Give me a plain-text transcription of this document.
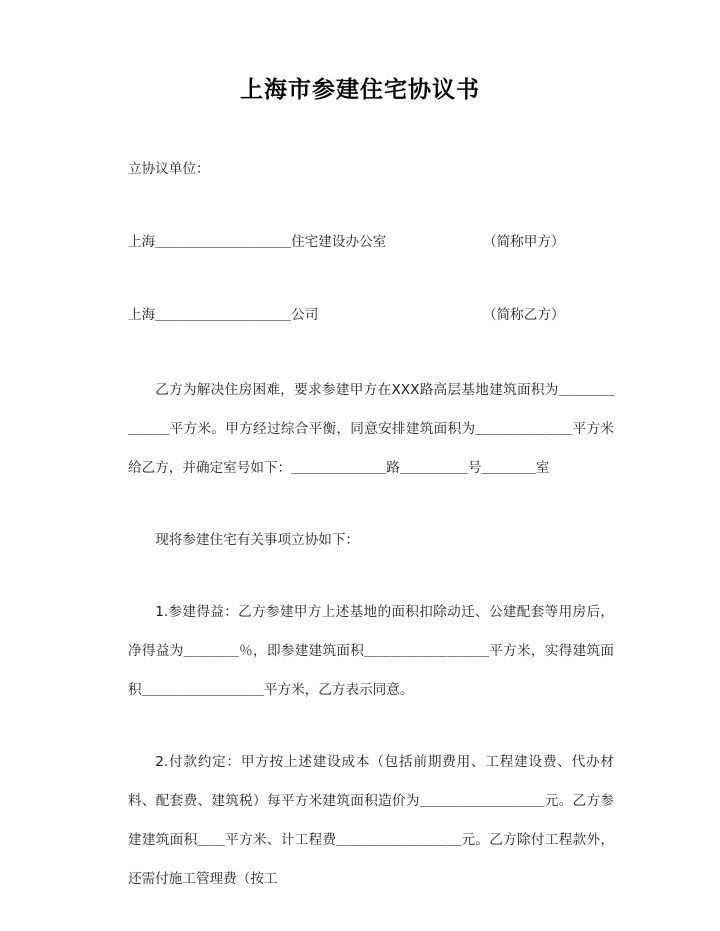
上海市参建住宅协议书

立协议单位：

上海＿＿＿＿＿＿＿＿＿＿住宅建设办公室	（简称甲方）
上海＿＿＿＿＿＿＿＿＿＿公司	（简称乙方）

乙方为解决住房困难，要求参建甲方在XXX路高层基地建筑面积为＿＿＿＿＿＿＿平方米。甲方经过综合平衡，同意安排建筑面积为＿＿＿＿＿＿＿平方米给乙方，并确定室号如下：＿＿＿＿＿＿＿路＿＿＿＿＿号＿＿＿＿室

现将参建住宅有关事项立协如下：

1.参建得益：乙方参建甲方上述基地的面积扣除动迁、公建配套等用房后，净得益为＿＿＿＿％，即参建建筑面积＿＿＿＿＿＿＿＿＿平方米，实得建筑面积＿＿＿＿＿＿＿＿＿平方米，乙方表示同意。

2.付款约定：甲方按上述建设成本（包括前期费用、工程建设费、代办材料、配套费、建筑税）每平方米建筑面积造价为＿＿＿＿＿＿＿＿＿元。乙方参建建筑面积＿＿平方米、计工程费＿＿＿＿＿＿＿＿＿元。乙方除付工程款外，还需付施工管理费（按工
